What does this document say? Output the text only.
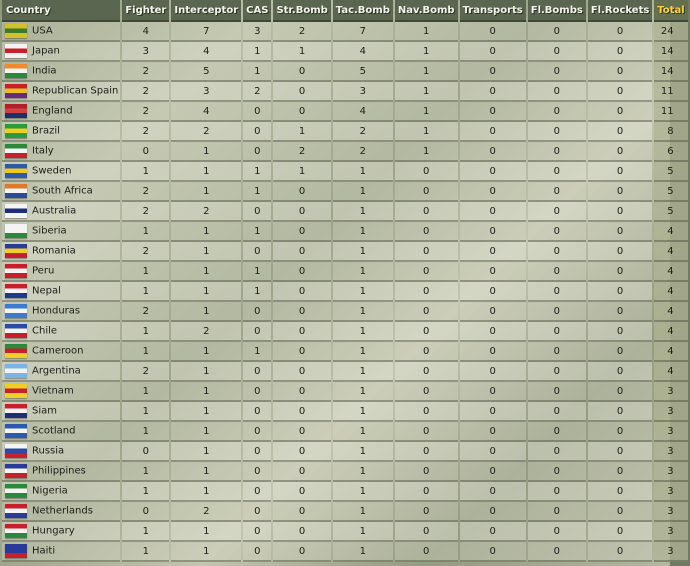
Country	Fighter	Interceptor	CAS	Str.Bomb	Tac.Bomb	Nav.Bomb	Transports	Fl.Bombs	Fl.Rockets	Total
USA	4	7	3	2	7	1	0	0	0	24
Japan	3	4	1	1	4	1	0	0	0	14
India	2	5	1	0	5	1	0	0	0	14
Republican Spain	2	3	2	0	3	1	0	0	0	11
England	2	4	0	0	4	1	0	0	0	11
Brazil	2	2	0	1	2	1	0	0	0	8
Italy	0	1	0	2	2	1	0	0	0	6
Sweden	1	1	1	1	1	0	0	0	0	5
South Africa	2	1	1	0	1	0	0	0	0	5
Australia	2	2	0	0	1	0	0	0	0	5
Siberia	1	1	1	0	1	0	0	0	0	4
Romania	2	1	0	0	1	0	0	0	0	4
Peru	1	1	1	0	1	0	0	0	0	4
Nepal	1	1	1	0	1	0	0	0	0	4
Honduras	2	1	0	0	1	0	0	0	0	4
Chile	1	2	0	0	1	0	0	0	0	4
Cameroon	1	1	1	0	1	0	0	0	0	4
Argentina	2	1	0	0	1	0	0	0	0	4
Vietnam	1	1	0	0	1	0	0	0	0	3
Siam	1	1	0	0	1	0	0	0	0	3
Scotland	1	1	0	0	1	0	0	0	0	3
Russia	0	1	0	0	1	0	0	0	0	3
Philippines	1	1	0	0	1	0	0	0	0	3
Nigeria	1	1	0	0	1	0	0	0	0	3
Netherlands	0	2	0	0	1	0	0	0	0	3
Hungary	1	1	0	0	1	0	0	0	0	3
Haiti	1	1	0	0	1	0	0	0	0	3
